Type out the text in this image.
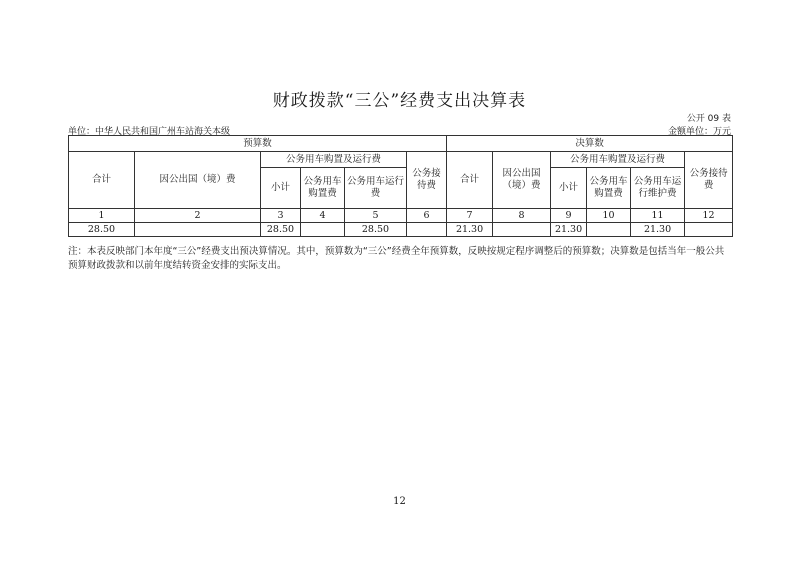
财政拨款“三公”经费支出决算表
公开 09 表
单位：中华人民共和国广州车站海关本级	金额单位：万元
预算数						决算数					
合计	因公出国（境）费	公务用车购置及运行费			公务接待费	合计	因公出国（境）费	公务用车购置及运行费			公务接待费
		小计	公务用车购置费	公务用车运行费				小计	公务用车购置费	公务用车运行维护费	
1	2	3	4	5	6	7	8	9	10	11	12
28.50		28.50		28.50		21.30		21.30		21.30	
注：本表反映部门本年度“三公”经费支出预决算情况。其中，预算数为“三公”经费全年预算数，反映按规定程序调整后的预算数；决算数是包括当年一般公共预算财政拨款和以前年度结转资金安排的实际支出。
12
